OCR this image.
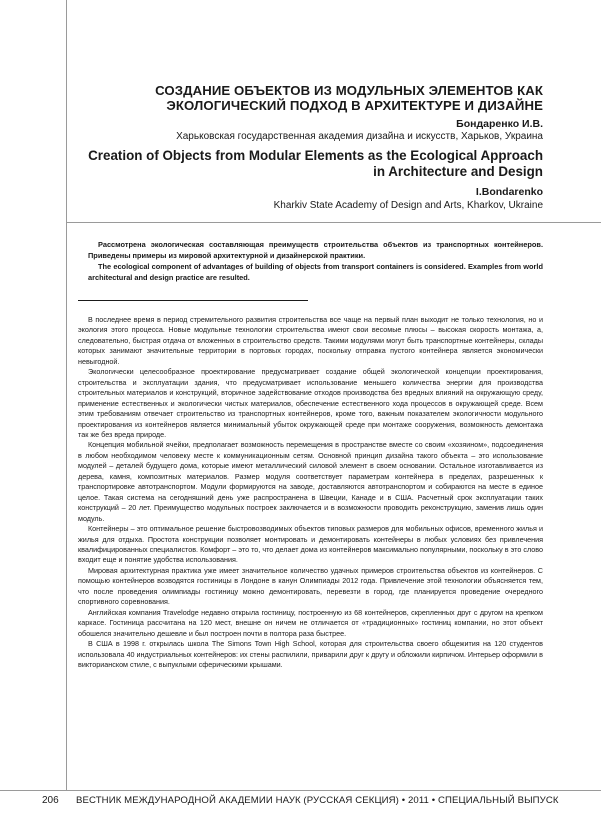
СОЗДАНИЕ ОБЪЕКТОВ ИЗ МОДУЛЬНЫХ ЭЛЕМЕНТОВ КАК
ЭКОЛОГИЧЕСКИЙ ПОДХОД В АРХИТЕКТУРЕ И ДИЗАЙНЕ
Бондаренко И.В.
Харьковская государственная академия дизайна и искусств, Харьков, Украина
Creation of Objects from Modular Elements as the Ecological Approach
in Architecture and Design
I.Bondarenko
Kharkiv State Academy of Design and Arts, Kharkov, Ukraine

Рассмотрена экологическая составляющая преимуществ строительства объектов из транспортных контейнеров. Приведены примеры из мировой архитектурной и дизайнерской практики.

The ecological component of advantages of building of objects from transport containers is considered. Examples from world architectural and design practice are resulted.

В последнее время в период стремительного развития строительства все чаще на первый план выходит не только технология, но и экология этого процесса. Новые модульные технологии строительства имеют свои весомые плюсы – высокая скорость монтажа, а, следовательно, быстрая отдача от вложенных в строительство средств. Такими модулями могут быть транспортные контейнеры, склады которых занимают значительные территории в портовых городах, поскольку отправка пустого контейнера является экономически невыгодной.

Экологически целесообразное проектирование предусматривает создание общей экологической концепции проектирования, строительства и эксплуатации здания, что предусматривает использование меньшего количества энергии для производства строительных материалов и конструкций, вторичное задействование отходов производства без вредных влияний на окружающую среду, применение естественных и экологически чистых материалов, обеспечение естественного хода процессов в окружающей среде. Всем этим требованиям отвечает строительство из транспортных контейнеров, кроме того, важным показателем экологичности модульного проектирования из контейнеров является минимальный убыток окружающей среде при монтаже сооружения, возможность демонтажа так же без вреда природе.

Концепция мобильной ячейки, предполагает возможность перемещения в пространстве вместе со своим «хозяином», подсоединения в любом необходимом человеку месте к коммуникационным сетям. Основной принцип дизайна такого объекта – это использование модулей – деталей будущего дома, которые имеют металлический силовой элемент в своем основании. Остальное изготавливается из дерева, камня, композитных материалов. Размер модуля соответствует параметрам контейнера в пределах, разрешенных к транспортировке автотранспортом. Модули формируются на заводе, доставляются автотранспортом и собираются на месте в единое целое. Такая система на сегодняшний день уже распространена в Швеции, Канаде и в США. Расчетный срок эксплуатации таких конструкций – 20 лет. Преимущество модульных построек заключается и в возможности проводить реконструкцию, заменив лишь один модуль.

Контейнеры – это оптимальное решение быстровозводимых объектов типовых размеров для мобильных офисов, временного жилья и жилья для отдыха. Простота конструкции позволяет монтировать и демонтировать контейнеры в любых условиях без привлечения квалифицированных специалистов. Комфорт – это то, что делает дома из контейнеров максимально популярными, поскольку в это слово входит еще и понятие удобства использования.

Мировая архитектурная практика уже имеет значительное количество удачных примеров строительства объектов из контейнеров. С помощью контейнеров возводятся гостиницы в Лондоне в канун Олимпиады 2012 года. Привлечение этой технологии объясняется тем, что после проведения олимпиады гостиницу можно демонтировать, перевезти в город, где планируется проведение очередного спортивного соревнования.

Английская компания Travelodge недавно открыла гостиницу, построенную из 68 контейнеров, скрепленных друг с другом на крепком каркасе. Гостиница рассчитана на 120 мест, внешне он ничем не отличается от «традиционных» гостиниц компании, но этот объект обошелся значительно дешевле и был построен почти в полтора раза быстрее.

В США в 1998 г. открылась школа The Simons Town High School, которая для строительства своего общежития на 120 студентов использовала 40 индустриальных контейнеров: их стены распилили, приварили друг к другу и обложили кирпичом. Интерьер оформили в викторианском стиле, с выпуклыми сферическими крышами.

206 ВЕСТНИК МЕЖДУНАРОДНОЙ АКАДЕМИИ НАУК (РУССКАЯ СЕКЦИЯ) • 2011 • СПЕЦИАЛЬНЫЙ ВЫПУСК
